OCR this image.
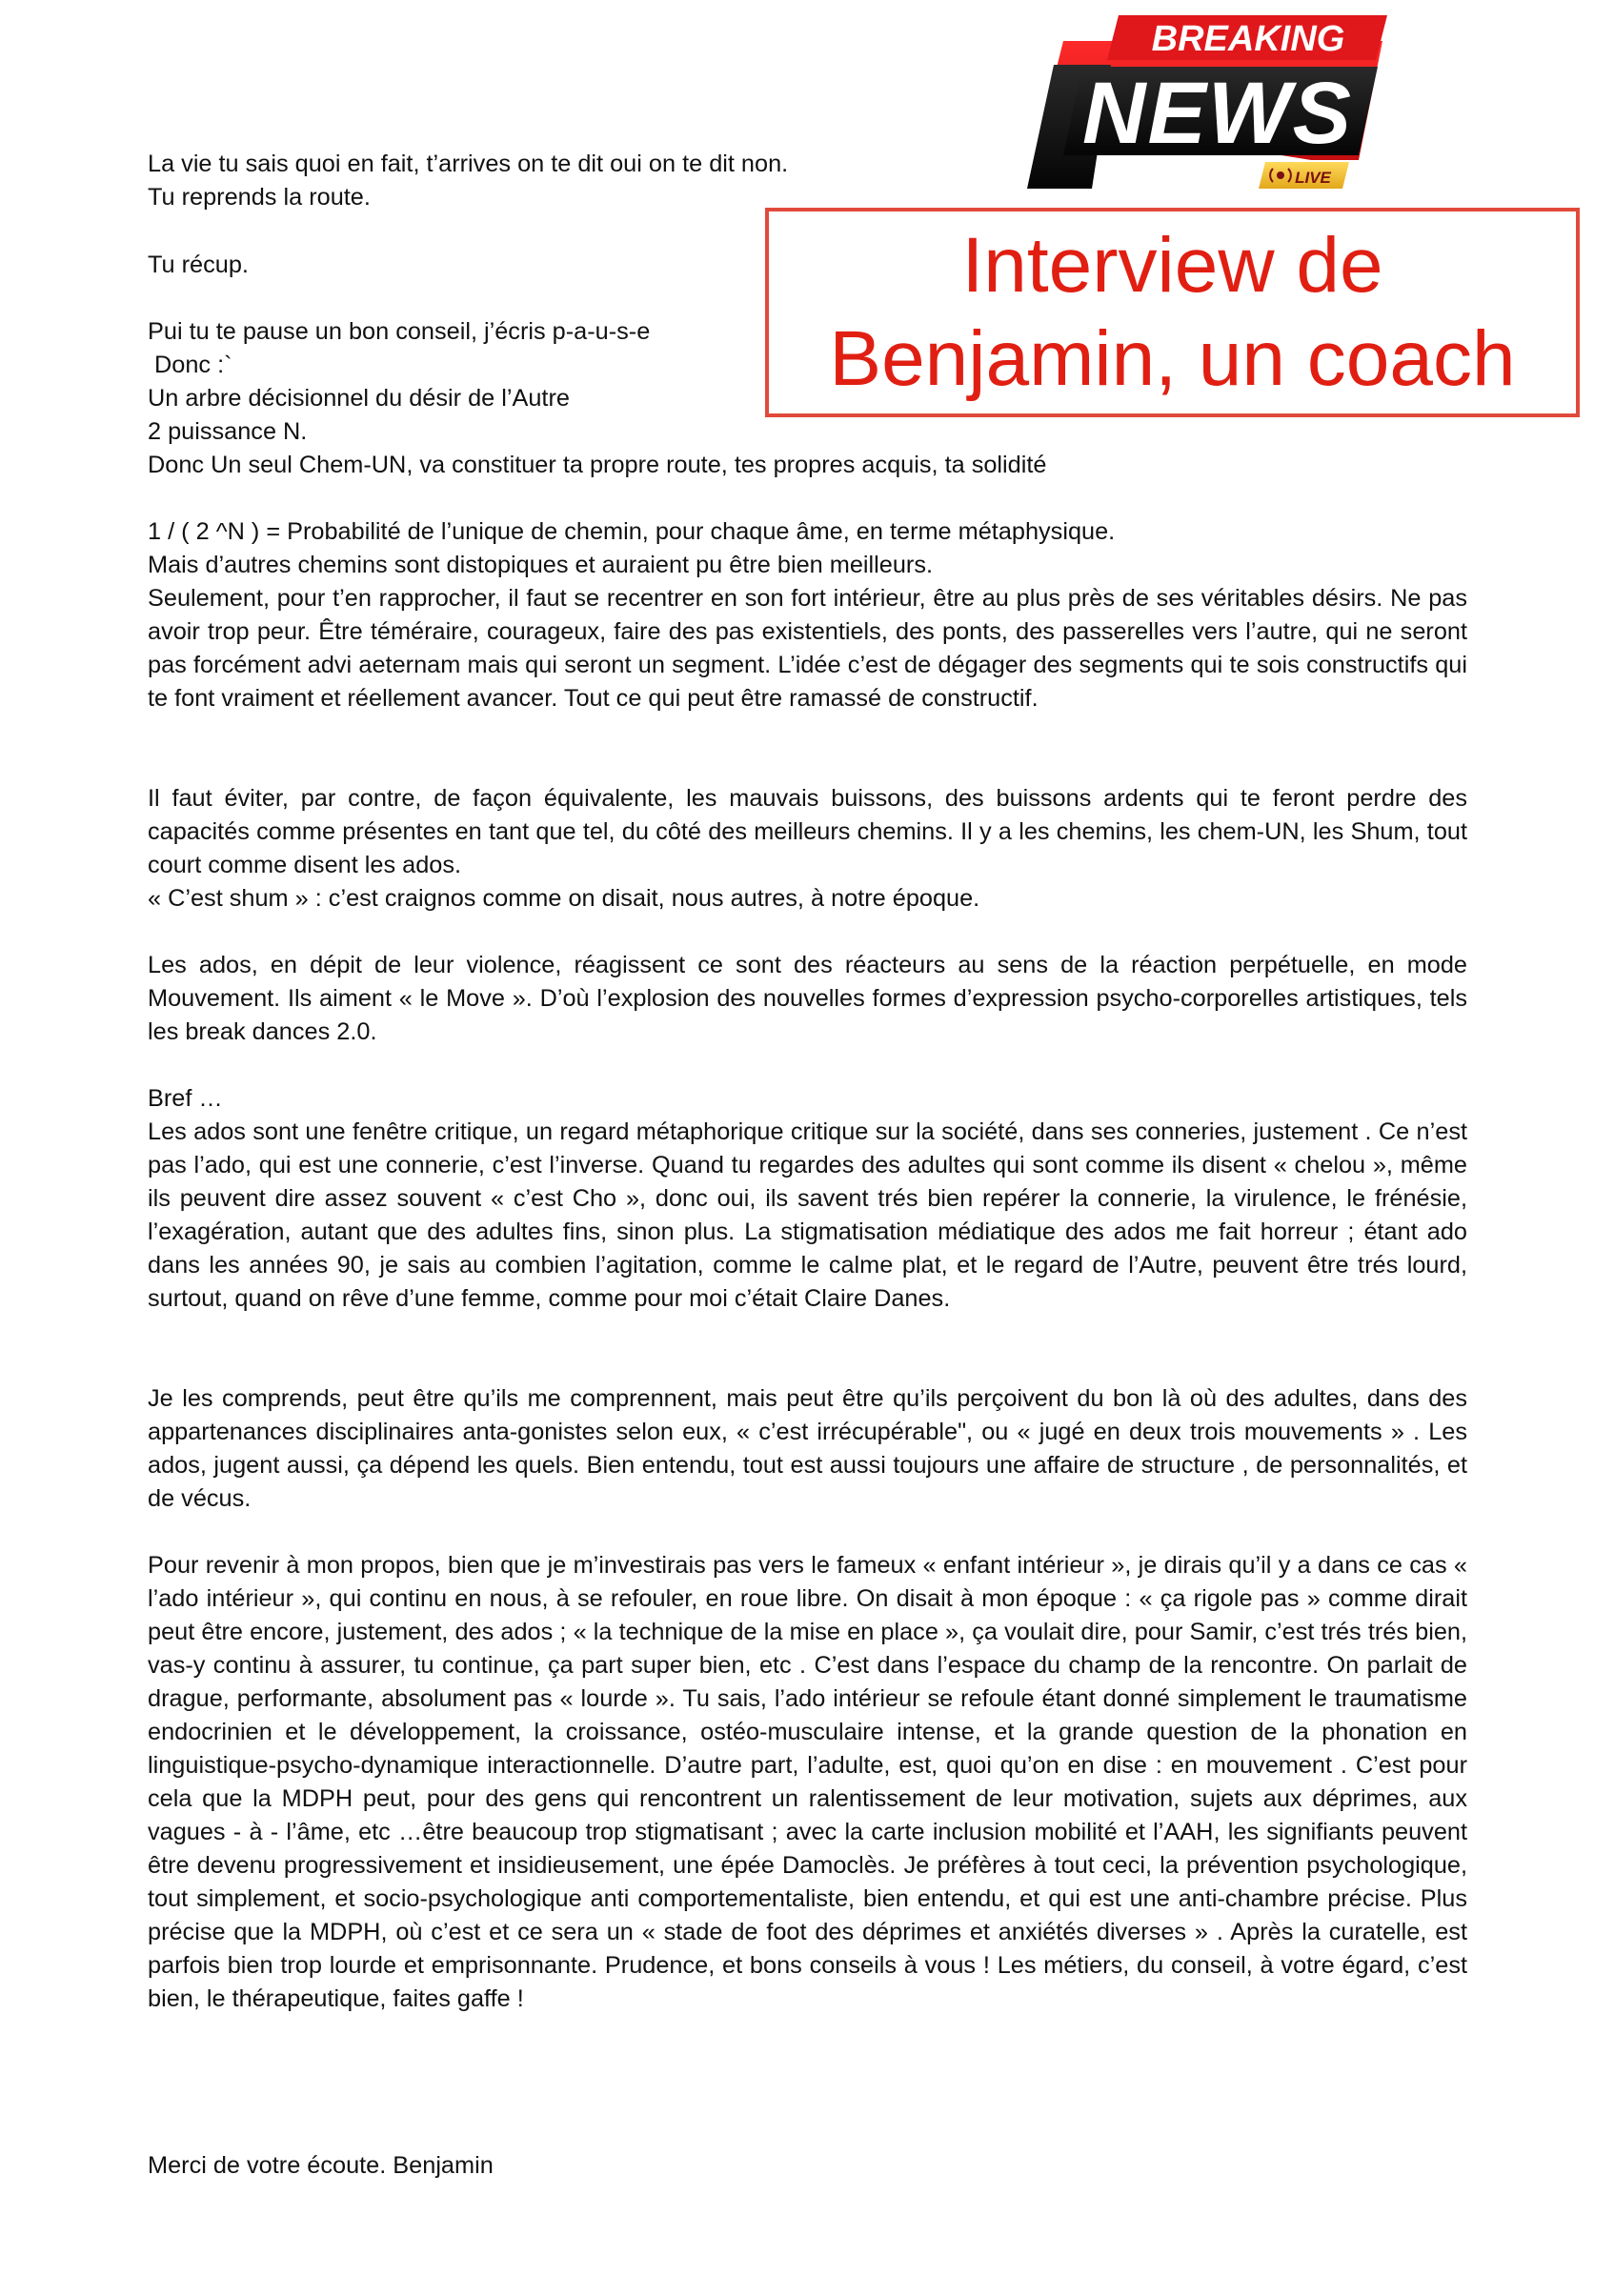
BREAKING
NEWS
LIVE
Interview de
Benjamin, un coach
La vie tu sais quoi en fait, t’arrives on te dit oui on te dit non.
Tu reprends la route.
Tu récup.
Pui tu te pause un bon conseil, j’écris p-a-u-s-e
Donc :`
Un arbre décisionnel du désir de l’Autre
2 puissance N.
Donc Un seul Chem-UN, va constituer ta propre route, tes propres acquis, ta solidité
1 / ( 2 ^N ) = Probabilité de l’unique de chemin, pour chaque âme, en terme métaphysique.
Mais d’autres chemins sont distopiques et auraient pu être bien meilleurs.

Seulement, pour t’en rapprocher, il faut se recentrer en son fort intérieur, être au plus près de ses véritables désirs. Ne pas avoir trop peur. Être téméraire, courageux, faire des pas existentiels, des ponts, des passerelles vers l’autre, qui ne seront pas forcément advi aeternam mais qui seront un segment. L’idée c’est de dégager des segments qui te sois constructifs qui te font vraiment et réellement avancer. Tout ce qui peut être ramassé de constructif.

Il faut éviter, par contre, de façon équivalente, les mauvais buissons, des buissons ardents qui te feront perdre des capacités comme présentes en tant que tel, du côté des meilleurs chemins. Il y a les chemins, les chem-UN, les Shum, tout court comme disent les ados.

« C’est shum » : c’est craignos comme on disait, nous autres, à notre époque.

Les ados, en dépit de leur violence, réagissent ce sont des réacteurs au sens de la réaction perpétuelle, en mode Mouvement. Ils aiment « le Move ». D’où l’explosion des nouvelles formes d’expression psycho-corporelles artistiques, tels les break dances 2.0.

Bref …

Les ados sont une fenêtre critique, un regard métaphorique critique sur la société, dans ses conneries, justement . Ce n’est pas l’ado, qui est une connerie, c’est l’inverse. Quand tu regardes des adultes qui sont comme ils disent « chelou », même ils peuvent dire assez souvent « c’est Cho », donc oui, ils savent trés bien repérer la connerie, la virulence, le frénésie, l’exagération, autant que des adultes fins, sinon plus. La stigmatisation médiatique des ados me fait horreur ; étant ado dans les années 90, je sais au combien l’agitation, comme le calme plat, et le regard de l’Autre, peuvent être trés lourd, surtout, quand on rêve d’une femme, comme pour moi c’était Claire Danes.

Je les comprends, peut être qu’ils me comprennent, mais peut être qu’ils perçoivent du bon là où des adultes, dans des appartenances disciplinaires anta-gonistes selon eux, « c’est irrécupérable", ou « jugé en deux trois mouvements » . Les ados, jugent aussi, ça dépend les quels. Bien entendu, tout est aussi toujours une affaire de structure , de personnalités, et de vécus.

Pour revenir à mon propos, bien que je m’investirais pas vers le fameux « enfant intérieur », je dirais qu’il y a dans ce cas « l’ado intérieur », qui continu en nous, à se refouler, en roue libre. On disait à mon époque : « ça rigole pas » comme dirait peut être encore, justement, des ados ; « la technique de la mise en place », ça voulait dire, pour Samir, c’est trés trés bien, vas-y continu à assurer, tu continue, ça part super bien, etc . C’est dans l’espace du champ de la rencontre. On parlait de drague, performante, absolument pas « lourde ». Tu sais, l’ado intérieur se refoule étant donné simplement le traumatisme endocrinien et le développement, la croissance, ostéo-musculaire intense, et la grande question de la phonation en linguistique-psycho-dynamique interactionnelle. D’autre part, l’adulte, est, quoi qu’on en dise : en mouvement . C’est pour cela que la MDPH peut, pour des gens qui rencontrent un ralentissement de leur motivation, sujets aux déprimes, aux vagues - à - l’âme, etc …être beaucoup trop stigmatisant ; avec la carte inclusion mobilité et l’AAH, les signifiants peuvent être devenu progressivement et insidieusement, une épée Damoclès. Je préfères à tout ceci, la prévention psychologique, tout simplement, et socio-psychologique anti comportementaliste, bien entendu, et qui est une anti-chambre précise. Plus précise que la MDPH, où c’est et ce sera un « stade de foot des déprimes et anxiétés diverses » . Après la curatelle, est parfois bien trop lourde et emprisonnante. Prudence, et bons conseils à vous ! Les métiers, du conseil, à votre égard, c’est bien, le thérapeutique, faites gaffe !

Merci de votre écoute. Benjamin
